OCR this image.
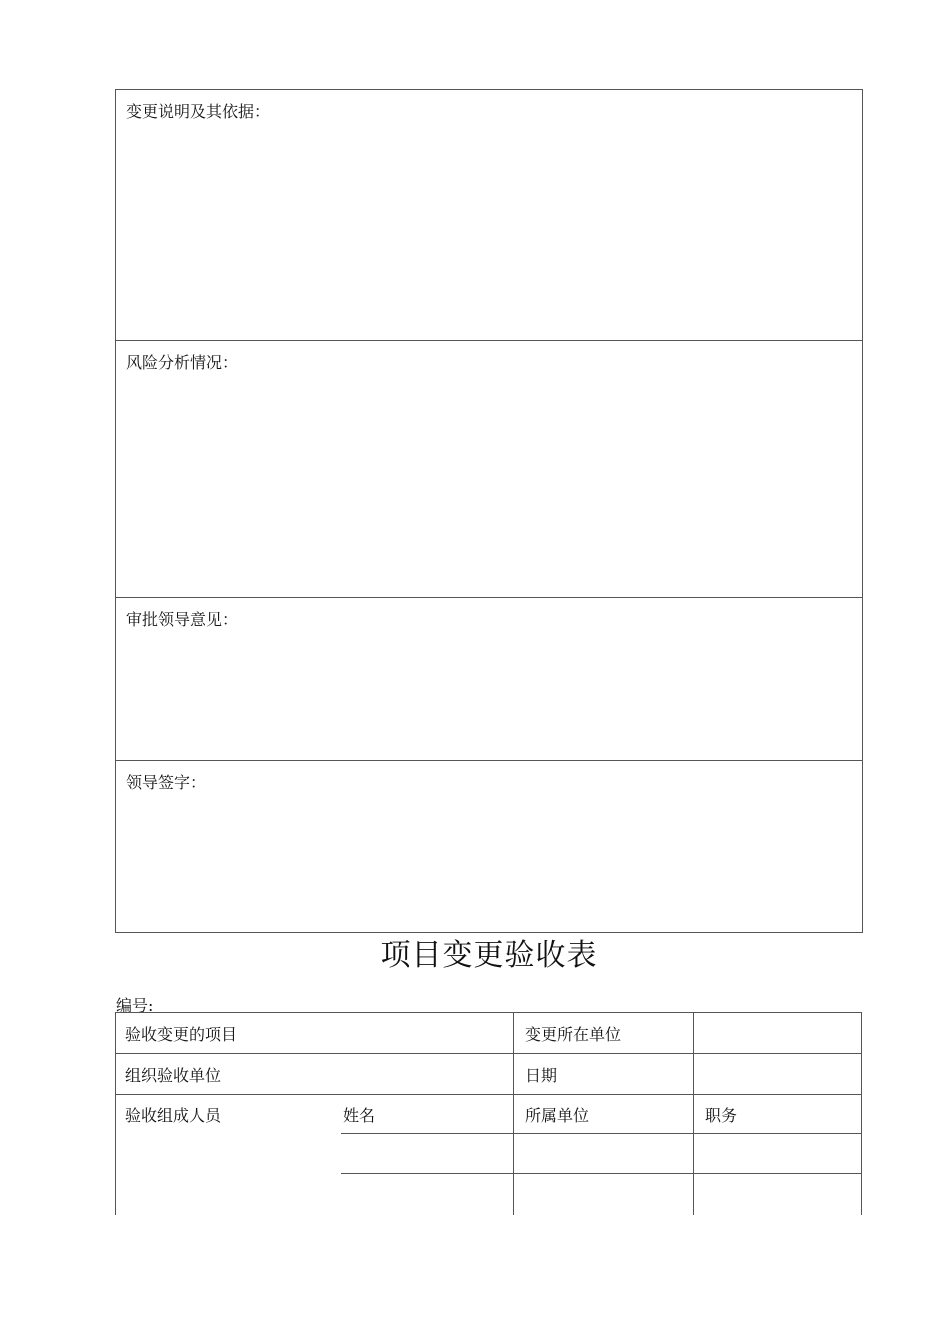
变更说明及其依据：
风险分析情况：
审批领导意见：
领导签字：
项目变更验收表
编号:
验收变更的项目	变更所在单位
组织验收单位	日期
验收组成人员	姓名	所属单位	职务
